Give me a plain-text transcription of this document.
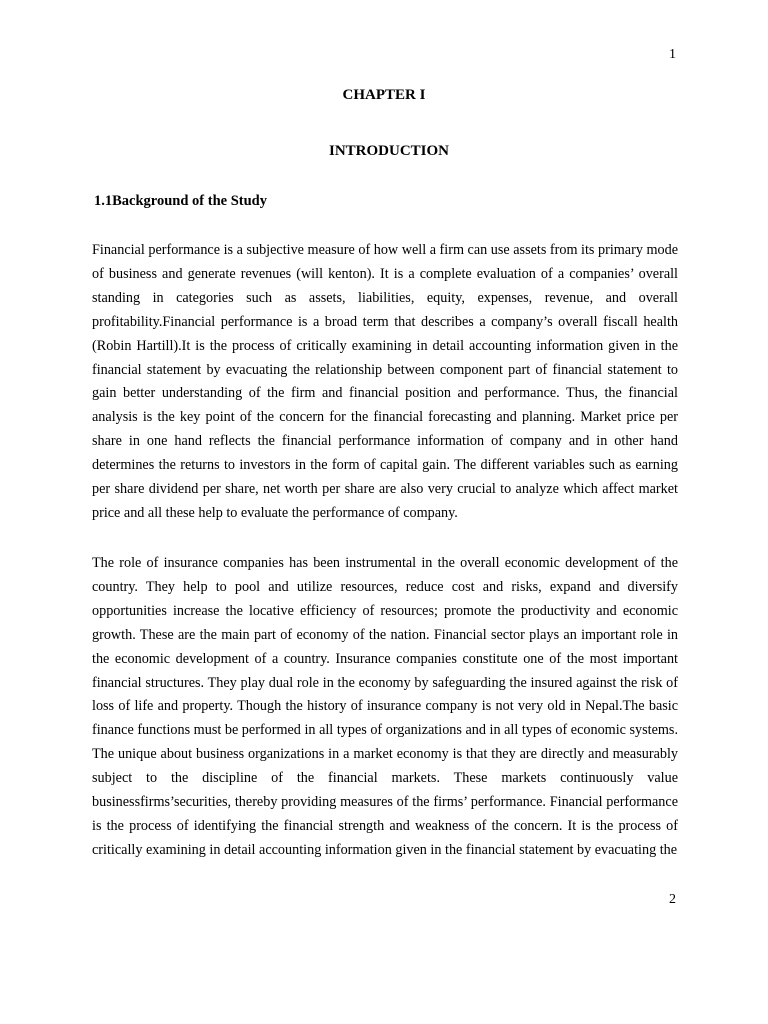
1
CHAPTER I
INTRODUCTION
1.1Background of the Study

Financial performance is a subjective measure of how well a firm can use assets from its primary mode of business and generate revenues (will kenton). It is a complete evaluation of a companies’ overall standing in categories such as assets, liabilities, equity, expenses, revenue, and overall profitability.Financial performance is a broad term that describes a company’s overall fiscall health (Robin Hartill).It is the process of critically examining in detail accounting information given in the financial statement by evacuating the relationship between component part of financial statement to gain better understanding of the firm and financial position and performance. Thus, the financial analysis is the key point of the concern for the financial forecasting and planning. Market price per share in one hand reflects the financial performance information of company and in other hand determines the returns to investors in the form of capital gain. The different variables such as earning per share dividend per share, net worth per share are also very crucial to analyze which affect market price and all these help to evaluate the performance of company.

The role of insurance companies has been instrumental in the overall economic development of the country. They help to pool and utilize resources, reduce cost and risks, expand and diversify opportunities increase the locative efficiency of resources; promote the productivity and economic growth. These are the main part of economy of the nation. Financial sector plays an important role in the economic development of a country. Insurance companies constitute one of the most important financial structures. They play dual role in the economy by safeguarding the insured against the risk of loss of life and property. Though the history of insurance company is not very old in Nepal.The basic finance functions must be performed in all types of organizations and in all types of economic systems. The unique about business organizations in a market economy is that they are directly and measurably subject to the discipline of the financial markets. These markets continuously value businessfirms’securities, thereby providing measures of the firms’ performance. Financial performance is the process of identifying the financial strength and weakness of the concern. It is the process of critically examining in detail accounting information given in the financial statement by evacuating the

2
